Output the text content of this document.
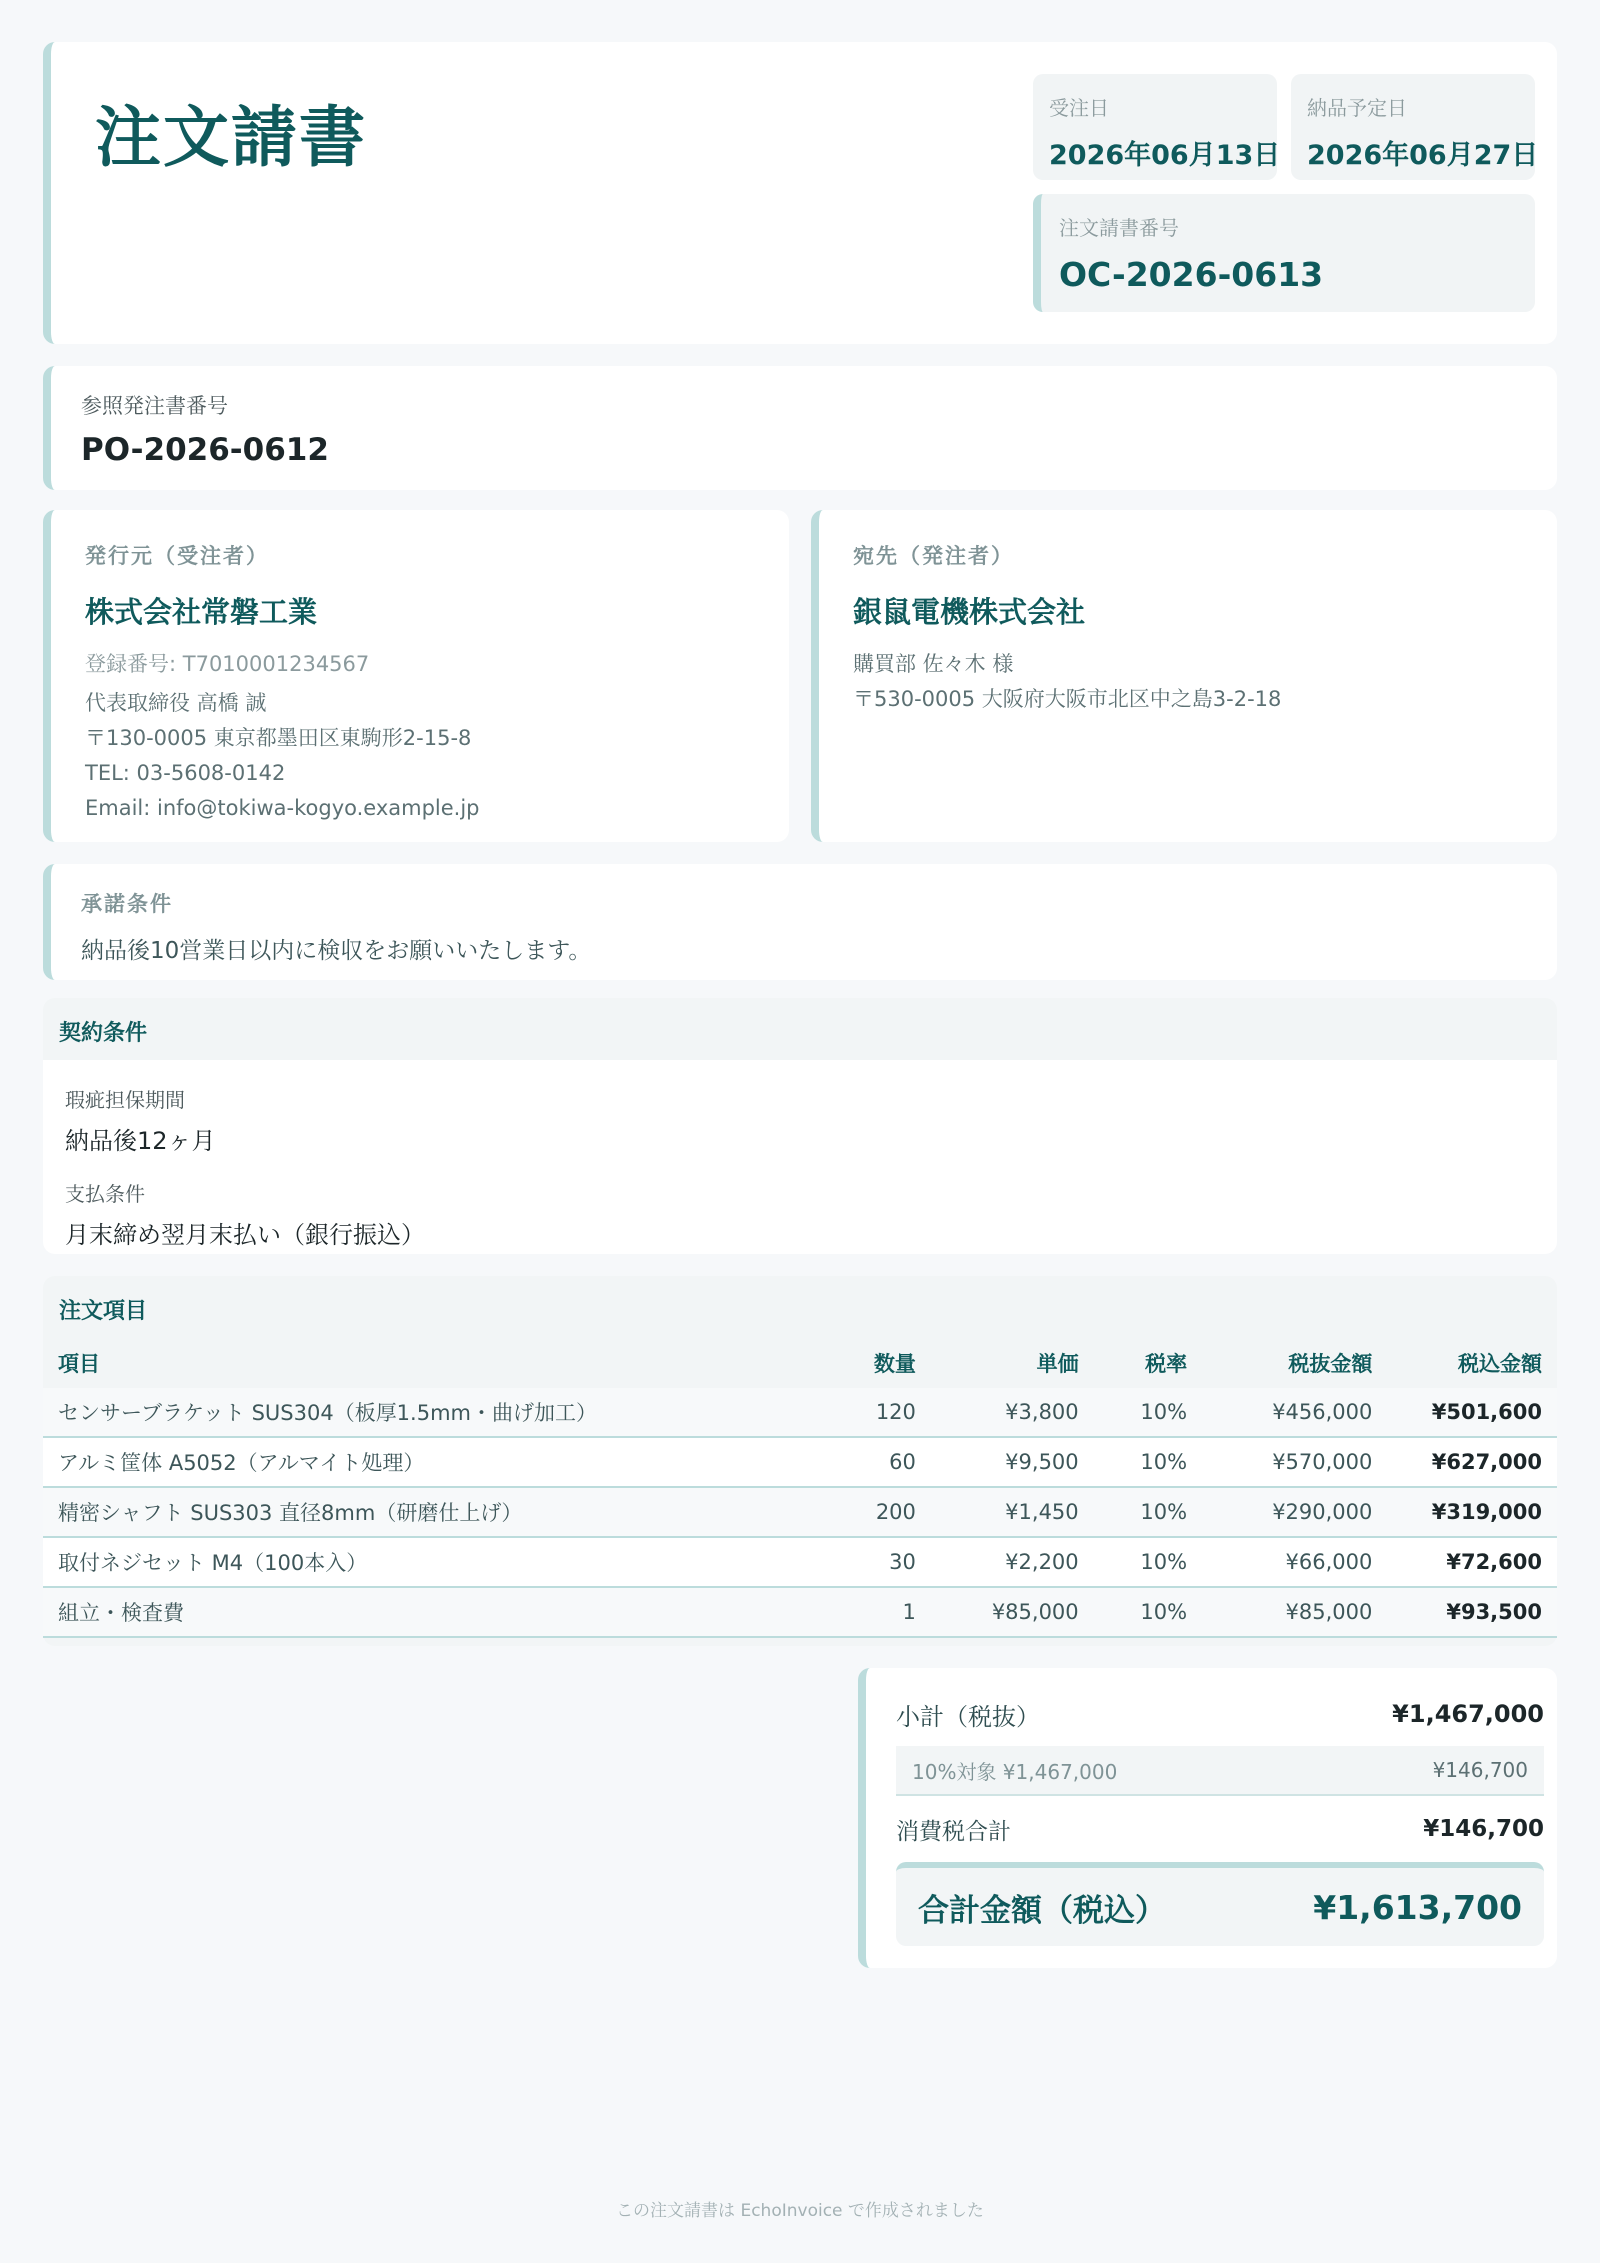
注文請書	受注日
2026年06月13日
納品予定日
2026年06月27日
注文請書番号
OC-2026-0613
参照発注書番号
PO-2026-0612
発行元（受注者）
株式会社常磐工業
登録番号: T7010001234567
代表取締役 高橋 誠
〒130-0005 東京都墨田区東駒形2-15-8
TEL: 03-5608-0142
Email: info@tokiwa-kogyo.example.jp
宛先（発注者）
銀鼠電機株式会社
購買部 佐々木 様
〒530-0005 大阪府大阪市北区中之島3-2-18
承諾条件
納品後10営業日以内に検収をお願いいたします。
契約条件
瑕疵担保期間
納品後12ヶ月
支払条件
月末締め翌月末払い（銀行振込）
注文項目
項目	数量	単価	税率	税抜金額	税込金額
センサーブラケット SUS304（板厚1.5mm・曲げ加工）	120	¥3,800	10%	¥456,000	¥501,600
アルミ筐体 A5052（アルマイト処理）	60	¥9,500	10%	¥570,000	¥627,000
精密シャフト SUS303 直径8mm（研磨仕上げ）	200	¥1,450	10%	¥290,000	¥319,000
取付ネジセット M4（100本入）	30	¥2,200	10%	¥66,000	¥72,600
組立・検査費	1	¥85,000	10%	¥85,000	¥93,500
小計（税抜）	¥1,467,000
10%対象 ¥1,467,000	¥146,700
消費税合計	¥146,700
合計金額（税込）	¥1,613,700
この注文請書は EchoInvoice で作成されました
